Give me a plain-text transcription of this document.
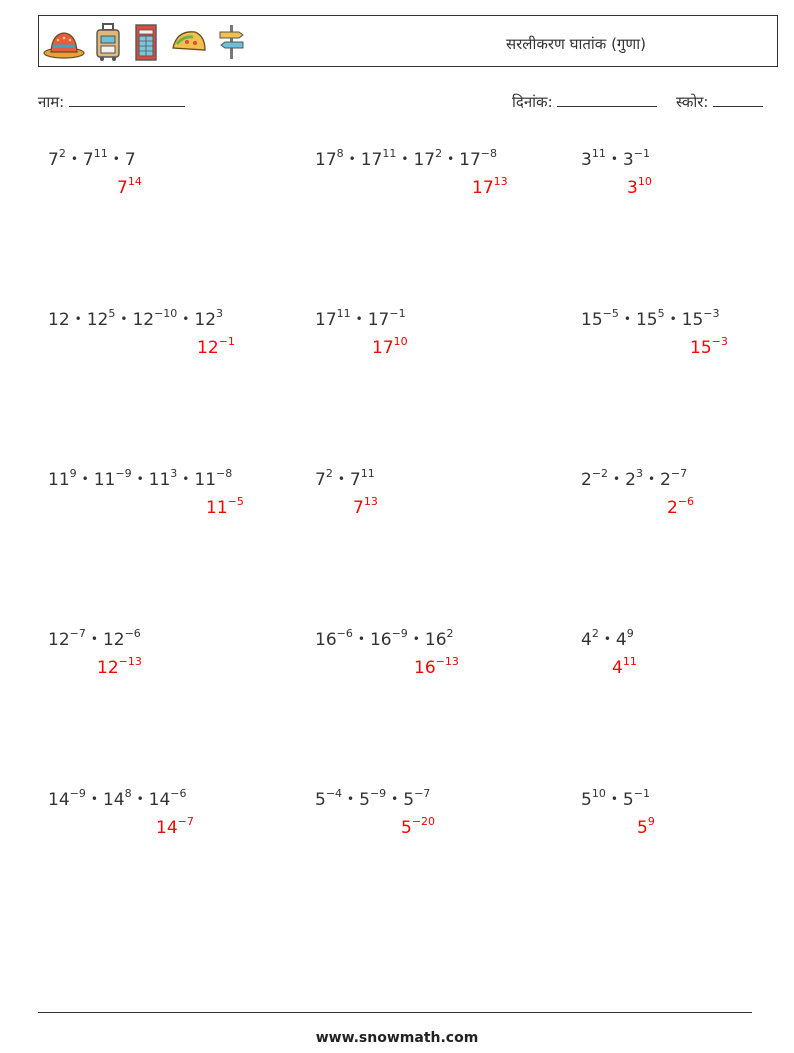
सरलीकरण घातांक (गुणा)
नाम:	दिनांक:	स्कोर:
$7^2$ • $7^{11}$ • 7
$7^{14}$
$17^8$ • $17^{11}$ • $17^2$ • $17^{-8}$
$17^{13}$
$3^{11}$ • $3^{-1}$
$3^{10}$
12 • $12^5$ • $12^{-10}$ • $12^3$
$12^{-1}$
$17^{11}$ • $17^{-1}$
$17^{10}$
$15^{-5}$ • $15^5$ • $15^{-3}$
$15^{-3}$
$11^9$ • $11^{-9}$ • $11^3$ • $11^{-8}$
$11^{-5}$
$7^2$ • $7^{11}$
$7^{13}$
$2^{-2}$ • $2^3$ • $2^{-7}$
$2^{-6}$
$12^{-7}$ • $12^{-6}$
$12^{-13}$
$16^{-6}$ • $16^{-9}$ • $16^2$
$16^{-13}$
$4^2$ • $4^9$
$4^{11}$
$14^{-9}$ • $14^8$ • $14^{-6}$
$14^{-7}$
$5^{-4}$ • $5^{-9}$ • $5^{-7}$
$5^{-20}$
$5^{10}$ • $5^{-1}$
$5^9$
www.snowmath.com
